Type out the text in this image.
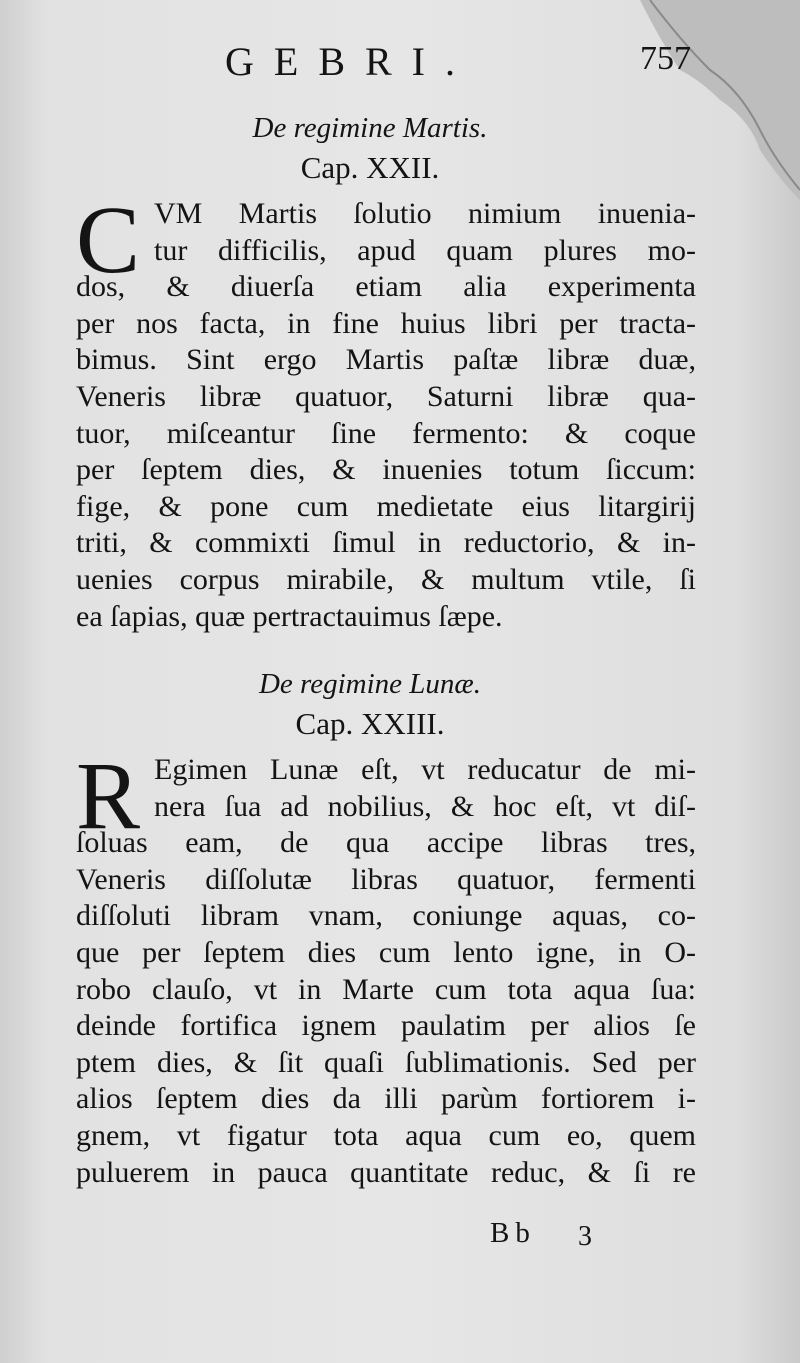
GEBRI.	757
De regimine Martis.
Cap. XXII.
C VM Martis ſolutio nimium inuenia-
tur difficilis, apud quam plures mo-
dos, & diuerſa etiam alia experimenta
per nos facta, in fine huius libri per tracta-
bimus. Sint ergo Martis paſtæ libræ duæ,
Veneris libræ quatuor, Saturni libræ qua-
tuor, miſceantur ſine fermento: & coque
per ſeptem dies, & inuenies totum ſiccum:
fige, & pone cum medietate eius litargirij
triti, & commixti ſimul in reductorio, & in-
uenies corpus mirabile, & multum vtile, ſi
ea ſapias, quæ pertractauimus ſæpe.
De regimine Lunæ.
Cap. XXIII.
R Egimen Lunæ eſt, vt reducatur de mi-
nera ſua ad nobilius, & hoc eſt, vt diſ-
ſoluas eam, de qua accipe libras tres,
Veneris diſſolutæ libras quatuor, fermenti
diſſoluti libram vnam, coniunge aquas, co-
que per ſeptem dies cum lento igne, in O-
robo clauſo, vt in Marte cum tota aqua ſua:
deinde fortifica ignem paulatim per alios ſe
ptem dies, & ſit quaſi ſublimationis. Sed per
alios ſeptem dies da illi parùm fortiorem i-
gnem, vt figatur tota aqua cum eo, quem
puluerem in pauca quantitate reduc, & ſi re
Bb 3
